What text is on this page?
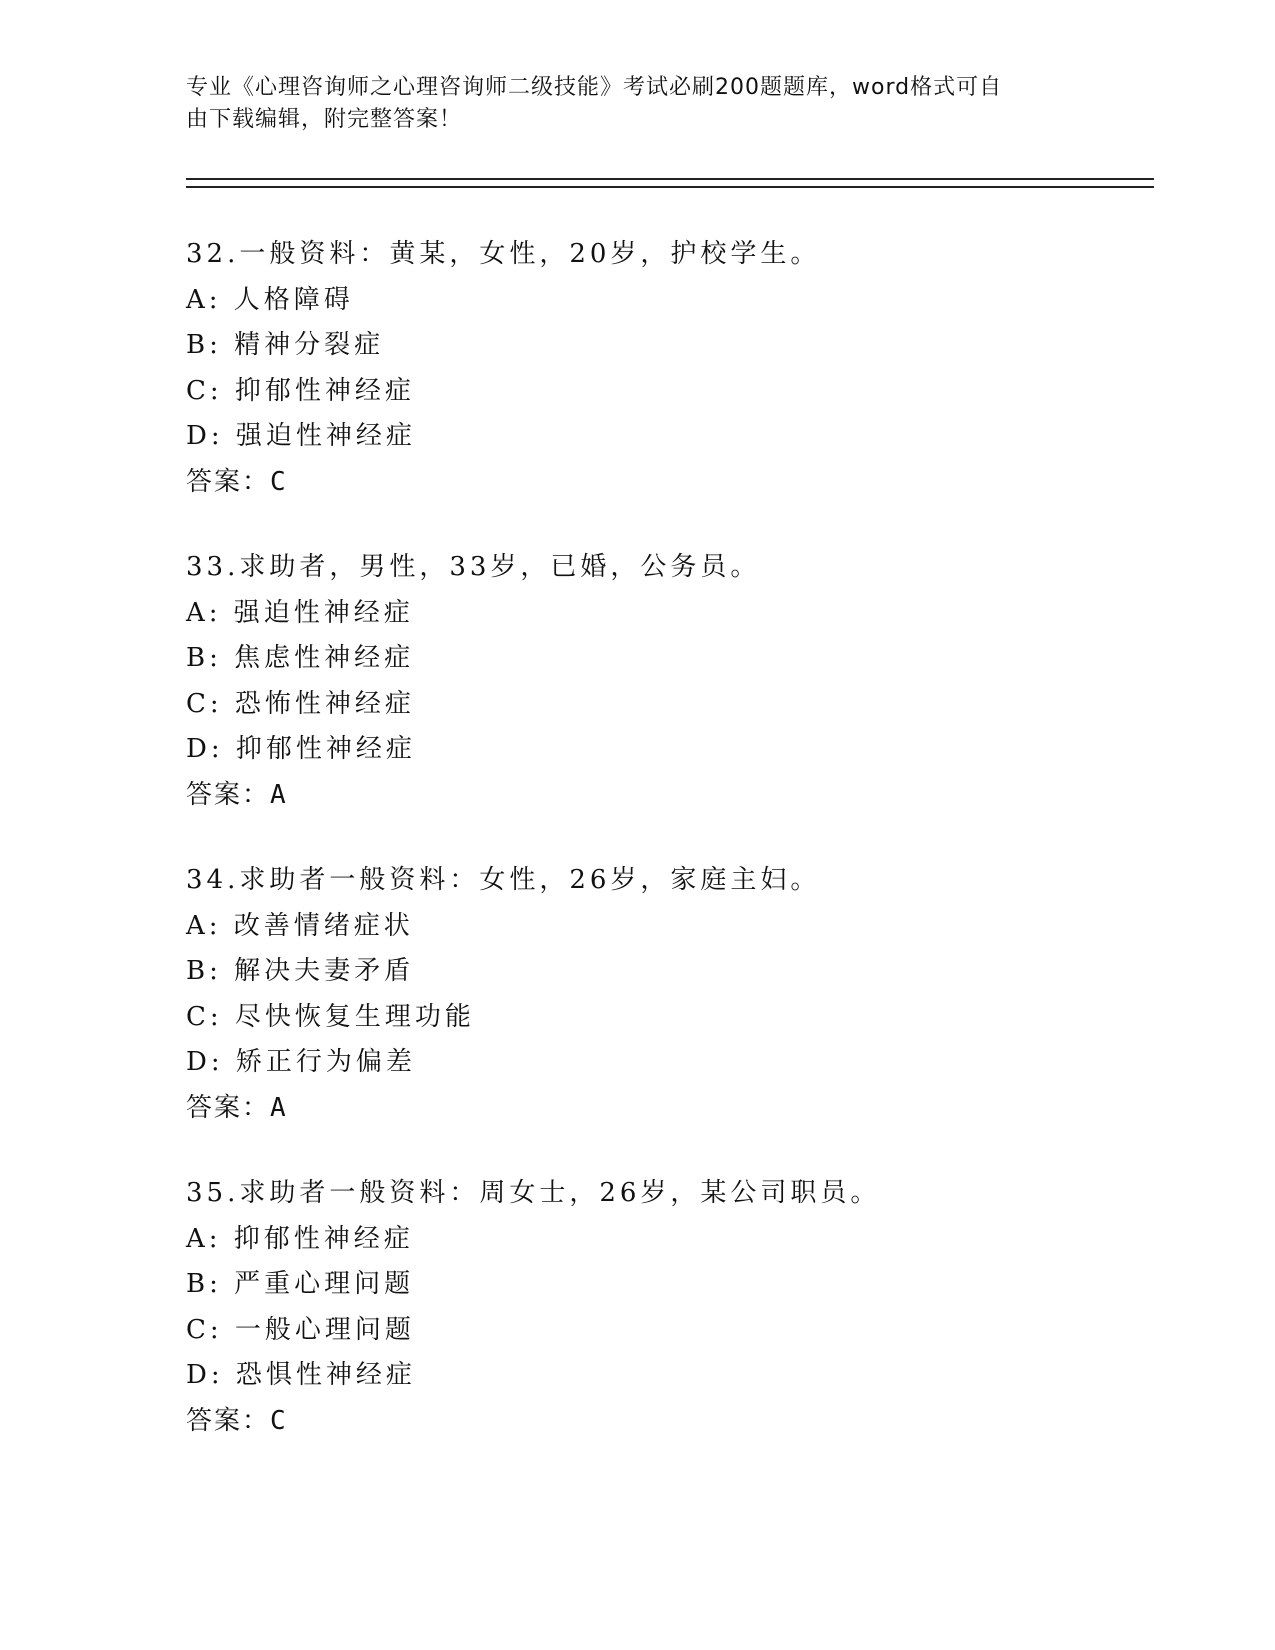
专业《心理咨询师之心理咨询师二级技能》考试必刷200题题库，word格式可自
由下载编辑，附完整答案！
32.一般资料：黄某，女性，20岁，护校学生。
A: 人格障碍
B: 精神分裂症
C: 抑郁性神经症
D: 强迫性神经症
答案：C
33.求助者，男性，33岁，已婚，公务员。
A: 强迫性神经症
B: 焦虑性神经症
C: 恐怖性神经症
D: 抑郁性神经症
答案：A
34.求助者一般资料：女性，26岁，家庭主妇。
A: 改善情绪症状
B: 解决夫妻矛盾
C: 尽快恢复生理功能
D: 矫正行为偏差
答案：A
35.求助者一般资料：周女士，26岁，某公司职员。
A: 抑郁性神经症
B: 严重心理问题
C: 一般心理问题
D: 恐惧性神经症
答案：C
